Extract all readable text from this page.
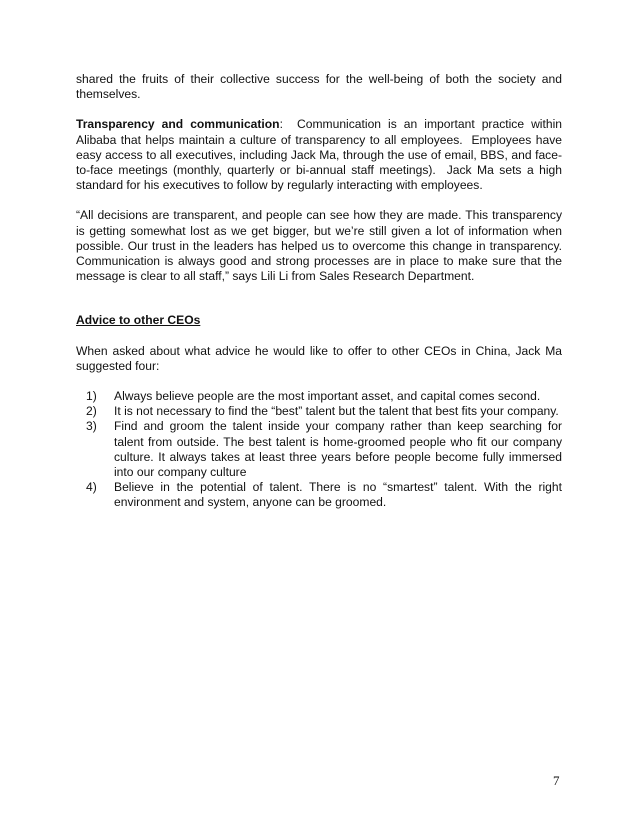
shared the fruits of their collective success for the well-being of both the society and themselves.

Transparency and communication:  Communication is an important practice within Alibaba that helps maintain a culture of transparency to all employees.  Employees have easy access to all executives, including Jack Ma, through the use of email, BBS, and face-to-face meetings (monthly, quarterly or bi-annual staff meetings).  Jack Ma sets a high standard for his executives to follow by regularly interacting with employees.

“All decisions are transparent, and people can see how they are made. This transparency is getting somewhat lost as we get bigger, but we’re still given a lot of information when possible. Our trust in the leaders has helped us to overcome this change in transparency. Communication is always good and strong processes are in place to make sure that the message is clear to all staff,” says Lili Li from Sales Research Department.

Advice to other CEOs

When asked about what advice he would like to offer to other CEOs in China, Jack Ma suggested four:

1) Always believe people are the most important asset, and capital comes second.
2) It is not necessary to find the “best” talent but the talent that best fits your company.
3) Find and groom the talent inside your company rather than keep searching for talent from outside. The best talent is home-groomed people who fit our company culture. It always takes at least three years before people become fully immersed into our company culture
4) Believe in the potential of talent. There is no “smartest” talent. With the right environment and system, anyone can be groomed.
7
